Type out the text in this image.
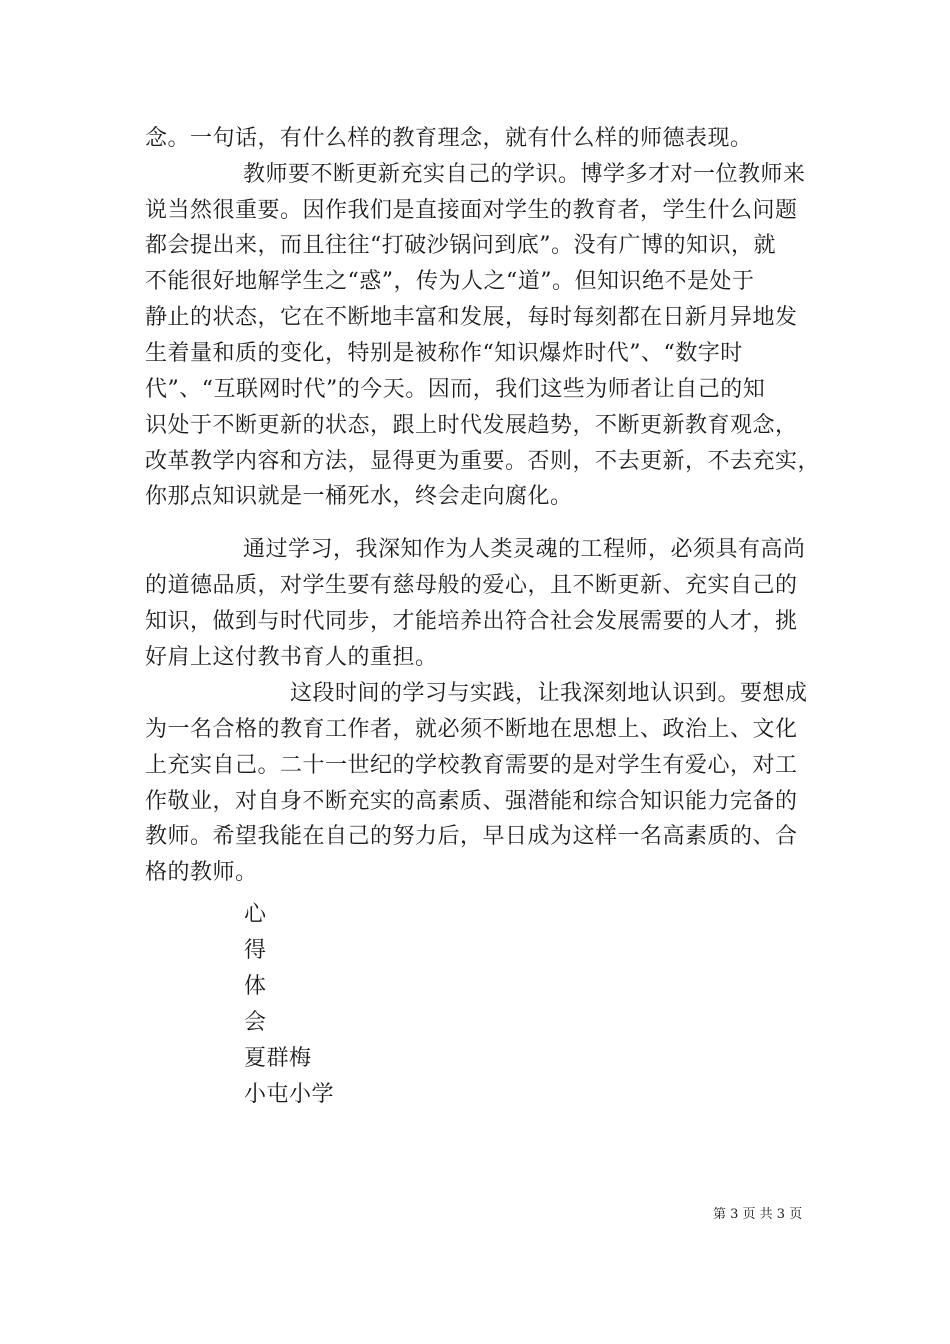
念。一句话，有什么样的教育理念，就有什么样的师德表现。
教师要不断更新充实自己的学识。博学多才对一位教师来
说当然很重要。因作我们是直接面对学生的教育者，学生什么问题
都会提出来，而且往往“打破沙锅问到底”。没有广博的知识，就
不能很好地解学生之“惑”，传为人之“道”。但知识绝不是处于
静止的状态，它在不断地丰富和发展，每时每刻都在日新月异地发
生着量和质的变化，特别是被称作“知识爆炸时代”、“数字时
代”、“互联网时代”的今天。因而，我们这些为师者让自己的知
识处于不断更新的状态，跟上时代发展趋势，不断更新教育观念，
改革教学内容和方法，显得更为重要。否则，不去更新，不去充实，
你那点知识就是一桶死水，终会走向腐化。
通过学习，我深知作为人类灵魂的工程师，必须具有高尚
的道德品质，对学生要有慈母般的爱心，且不断更新、充实自己的
知识，做到与时代同步，才能培养出符合社会发展需要的人才，挑
好肩上这付教书育人的重担。
这段时间的学习与实践，让我深刻地认识到。要想成
为一名合格的教育工作者，就必须不断地在思想上、政治上、文化
上充实自己。二十一世纪的学校教育需要的是对学生有爱心，对工
作敬业，对自身不断充实的高素质、强潜能和综合知识能力完备的
教师。希望我能在自己的努力后，早日成为这样一名高素质的、合
格的教师。
心
得
体
会
夏群梅
小屯小学
第 3 页 共 3 页
